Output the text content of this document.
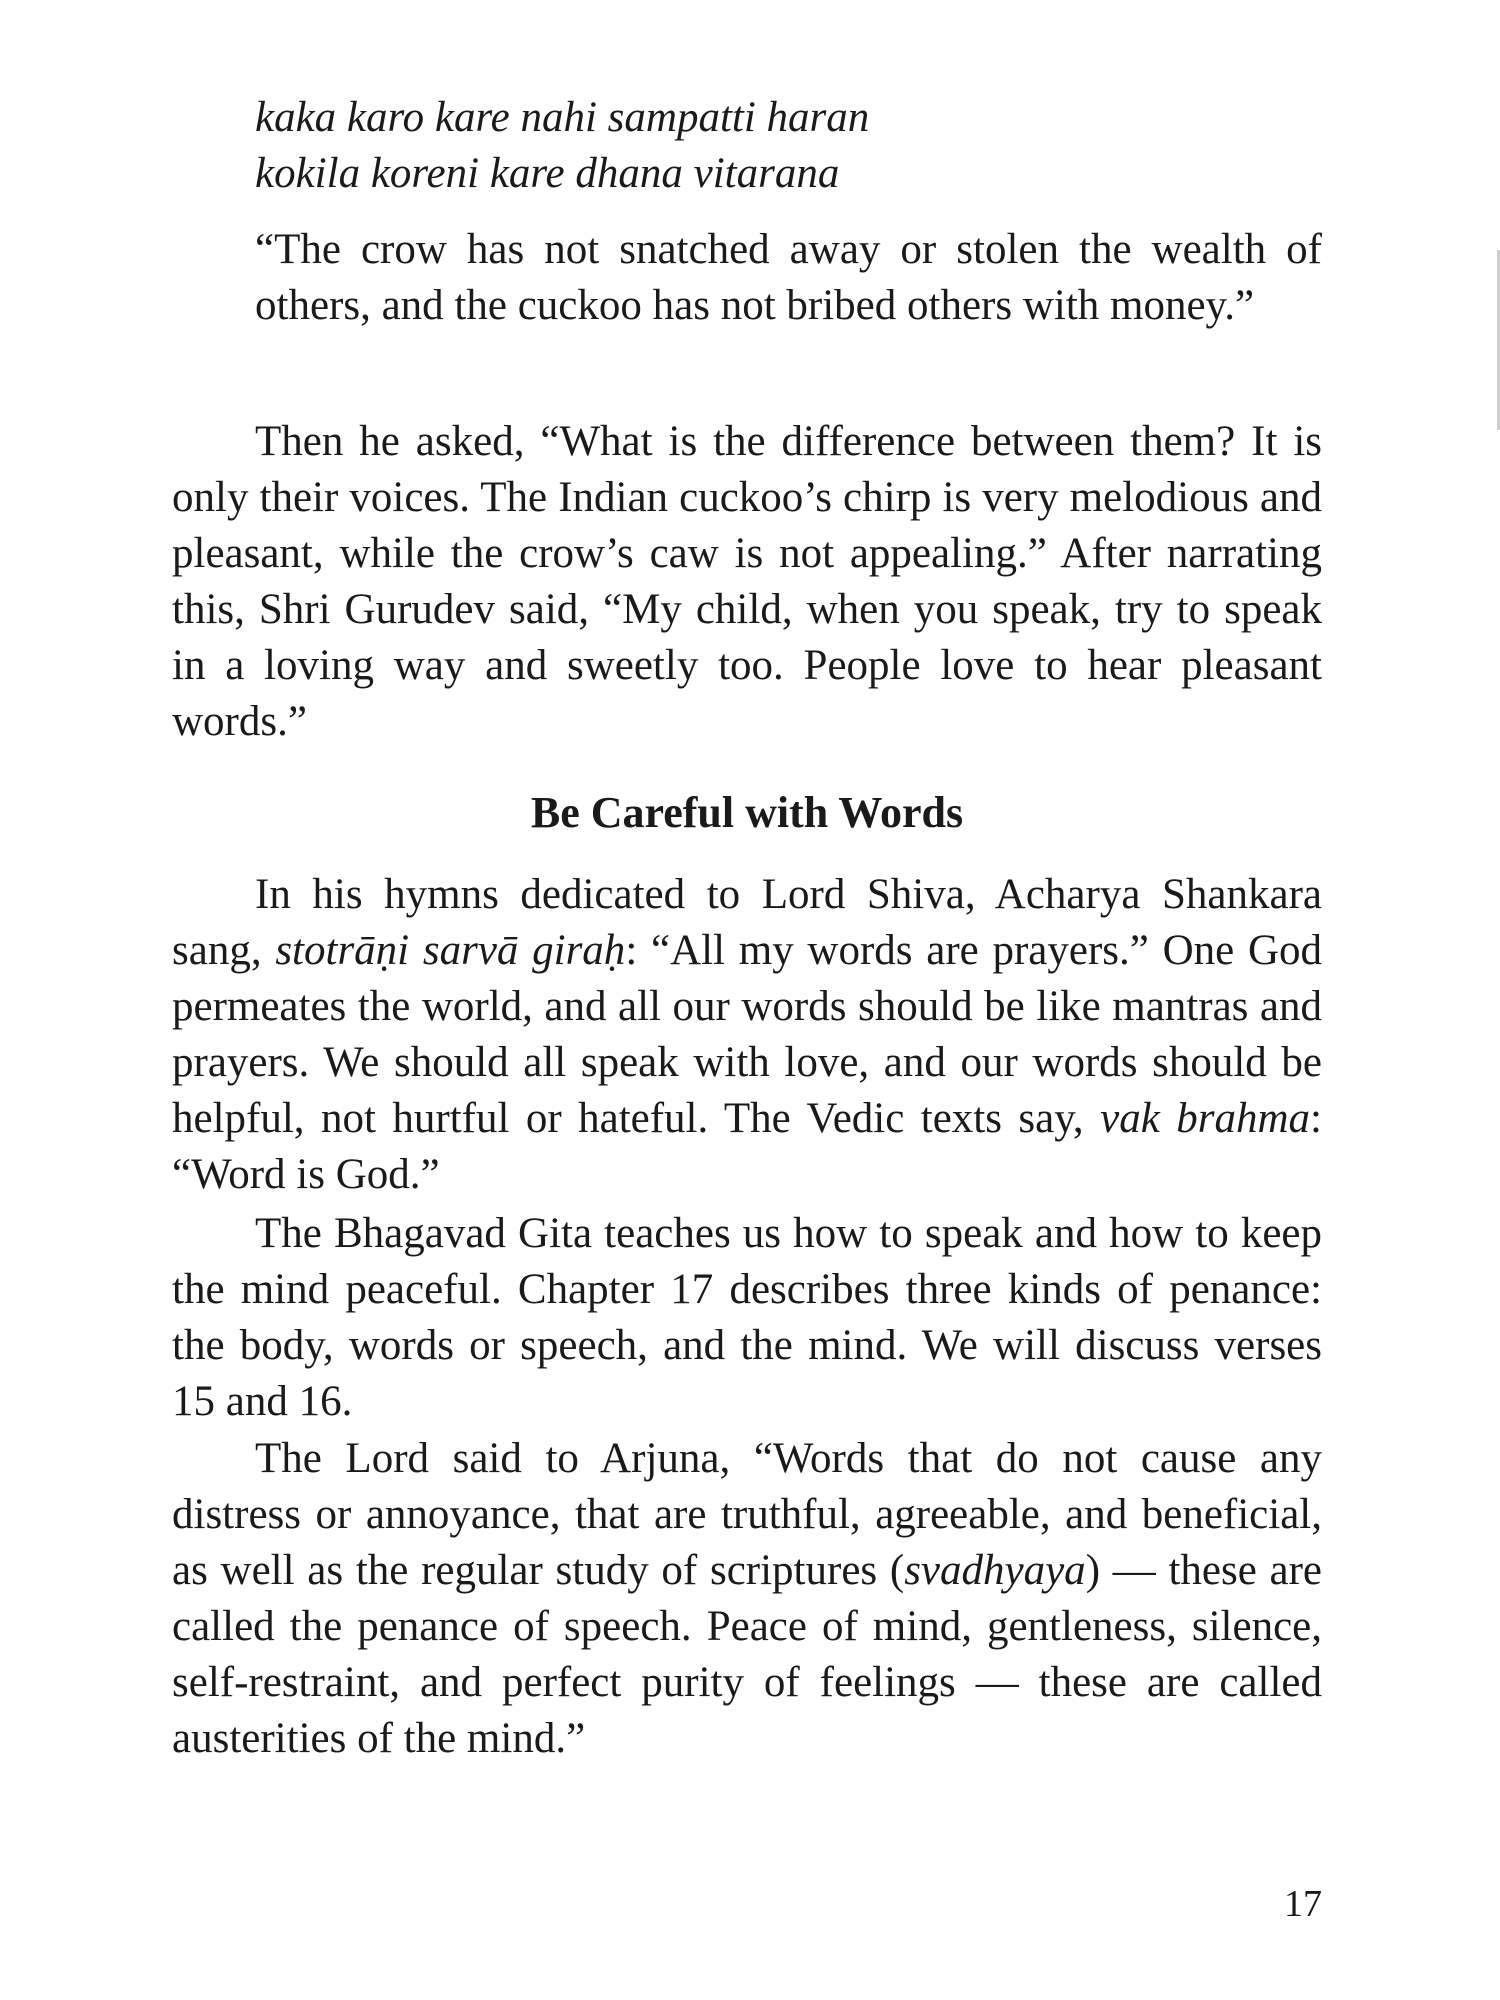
kaka karo kare nahi sampatti haran
kokila koreni kare dhana vitarana
“The crow has not snatched away or stolen the wealth of others, and the cuckoo has not bribed others with money.”

Then he asked, “What is the difference between them? It is only their voices. The Indian cuckoo’s chirp is very melodious and pleasant, while the crow’s caw is not appealing.” After narrating this, Shri Gurudev said, “My child, when you speak, try to speak in a loving way and sweetly too. People love to hear pleasant words.”

Be Careful with Words

In his hymns dedicated to Lord Shiva, Acharya Shankara sang, stotrāṇi sarvā giraḥ: “All my words are prayers.” One God permeates the world, and all our words should be like mantras and prayers. We should all speak with love, and our words should be helpful, not hurtful or hateful. The Vedic texts say, vak brahma: “Word is God.”

The Bhagavad Gita teaches us how to speak and how to keep the mind peaceful. Chapter 17 describes three kinds of penance: the body, words or speech, and the mind. We will discuss verses 15 and 16.

The Lord said to Arjuna, “Words that do not cause any distress or annoyance, that are truthful, agreeable, and beneficial, as well as the regular study of scriptures (svadhyaya) — these are called the penance of speech. Peace of mind, gentleness, silence, self-restraint, and perfect purity of feelings — these are called austerities of the mind.”

17
